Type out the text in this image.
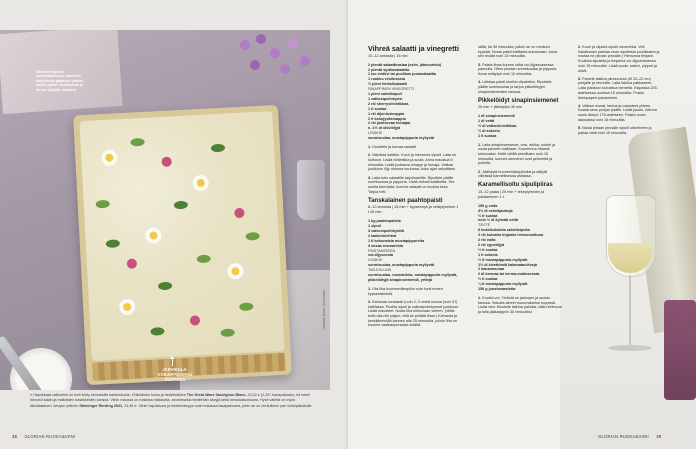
Raviolit helposti voileipäkakkuun kauniiksi: Sattyyksiin jätämme tilanne kakun päälle. Muikkulista ja ternan lyijyillä valmiina!
JÄRVIKALA-VOILEIPÄKAKKU VUOASSA
Lautanen ja lasi: Stockmann
● Hapokkaat valkoviinit on kuin tehty kermaisille kalaherkuille. Chileläinen kuiva ja hedelmäinen The Great Wave Sauvignon Blanc, 33,02 e (2,25 l hanapakkaus, hd toimii hienosti kalan ja maitoisten kastikkeiden kanssa. Viinin maussa on makeaa raikkautta, aromimaisia hedelmän sävyjä sekä herukkatuoksuna. Hyvä valinta on myös itävaltalainen, kevyen yrttinen Steininger Riesling 2021, 14,49 e. Viinin hapokkuus ja hedelmäisyys ovat mukavaa tasapainossa, joten se on herkullinen pari voileipäkakulle.
38 GLORIAN RUOKA&VIINI
Vihreä salaatti ja vinegretti
10–12 annosta | 15 min
2 pientä salaattirasiaa (esim. jäävuoristo)
2 pientä sydänsalaattia
1 iso endiivi tai puolikas punasalaattia
1 ruukku vesikrassia
½ pieni fenkolisalaatti
SINAPPINEN VINEGRETTI
1 pieni salottisipuli
1 valkosipulinkynsi
2 rkl sherryviinietikkaa
1 tl suolaa
1 rkl dijoninsinappia
2 tl kokojyväsinappia
2 rkl juoksevaa hunajaa
n. 2½ dl oliiviöljyä
LISÄKSI
sormisuolaa, mustapippuria myllystä
1. Huuhtele ja kuivaa salaatit.
2. Valmista kastike. Kuori ja hienonna sipulit. Laita ne kulhoon. Lisää viinietikka ja suola. Anna maustua 5 minuuttia. Lisää juokseva sinappi ja hunaja. Vatkaa joukkoon öljy ohuena nauhana, koko ajan sekoittaen.
3. Laita kelo salaatille tarjoiluastille. Ripottele päälle sormisuolaa ja pippuria. Lisää reilusti kastiketta. Tee useita kerroksia, kunnes salaatti on korkea keko. Tarjoa heti.
Tanskalainen paahtopaisti
8–10 annosta | 15 min + kypsennys ja vetäytyminen 1 t 45 min
1 kg paahtopaistia
1 sipuli
3 valkosipulinkynttä
2 laakerinlehteä
1 tl kokonaisia mustapippureita
3 oksaa rosmariinia
PAISTAMISEEN
voi-öljyseosta
LISÄKSI
sormisuolaa, mustapippuria myllystä
TARJOILUUN
sormisuolaa, rosmariinia, mustapippuria myllystä, pikkelöityjä sinapinsiemeniä, yrttejä
1. Ota liha huoneenlämpöön noin tunti ennen kypsentämistä.
2. Kiehauta runsaasti (noin 2–3 veteä isossa (noin 5 l) kattilassa. Puolita sipuli ja valkosipulinkynnet joukkoon. Lisää mausteet. Nosta liha kiehuvaan veteen. (Vettä tulisi olla niin paljon, että se peittää lihan.) Kiehauta ja keskilämmöllä kannen alla 25 minuuttia, jolloin liha on kuumin vaaleanpunaista sisältä.
sältä, tai 30 minuuttia, jolloin se on medium kypsää. Nosta paisti kattilasta kuivumaan. Anna sen levätä noin 15 minuuttia.
3. Paista lihaa kuuma vähä voi-öljyseoksessa pannulla. Hiero pintaan sormisuolaa ja pippuria. Anna vetäytyä noin 10 minuuttia.
4. Leikkaa paisti ohuiksi viipaleiksi. Ripottele päälle sormisuolaa ja tarjoa pikkelöityjen sinapinsiementen kanssa.
Pikkelöidyt sinapinsiemenet
20 min + jäähdytys 30 min
1 dl sinapinsiemeniä
1 dl vettä
½ dl valkoviinietikkaa
½ dl sokeria
1 tl suolaa
1. Laita sinapinsiemenet, vesi, etikka, sokeri ja suola pieneen kattilaan. Kuumenna hitaasti kiehuvaksi. Keitä välillä sekoittaen noin 15 minuuttia, kunnes siemenet ovat pehmeitä ja pulleita.
2. Jäähdytä huoneenlämpöisiksi ja säilytä viileässä kannellisessa astiassa.
Karamellisoitu sipulipiiras
10–12 palaa | 25 min + tekeytyminen ja paistaminen 1 t
150 g voita
3½ dl vehnäjauhoja
½ tl suolaa
noin ½ dl kylmää vettä
TÄYTE
6 keskikokoista salottisipulia
2 rkl kuivattu tinjamia hienonnettuna
2 rkl voita
2 rkl rypsiöljyä
½ tl suolaa
1 tl sokeria
½ tl mustapippuria myllystä
1½ dl kivettömiä kalamataoliiveja
2 kananmunaa
2 dl kermaa tai kerma-maitoseosta
½ tl suolaa
¼ tl mustapippuria myllystä
150 g juustoraastetta
1. Kuutioi voi. Yhdistä se jauhojen ja suolan kanssa. Sekoita aineet murumaiseksi nopeasti. Lisää vesi. Muotoile taikina palloksi, kääri kelmuun ja laita jääkaappiin 30 minuutiksi.
2. Kuori ja viipaloi sipulit ohueneksi. Voit halutessasi paistaa osan sipuleista puolikkaina ja nostaa ne piiraan pinnalle.) Hienonna timjami. Kuullota sipuleita ja timjamia voi-öljyseoksessa noin 15 minuuttia. Lisää suola, sokeri, pippuri ja oliivit.
3. Painele taikina piirasvuoan (Ø 20–22 cm) pohjalle ja reunoille. Laita taikina pakkaseen. Laita paistoon kuivattua herneitä. Esipaista 225-asteisessa uunissa 15 minuuttia. Poista leivinpaperi paistoineen.
4. Vatkaa munat, kerma ja mausteet yhteen. Kaada seos pohjan päälle. Lisää juusto. Alenna uunin lämpö 175-asteiseen. Paista uunin alaosassa noin 15 minuuttia.
5. Nosta piiraan pinnalle sipulit oliiveineen ja paista vielä noin 10 minuuttia.
GLORIAN RUOKA&VIINI 39
